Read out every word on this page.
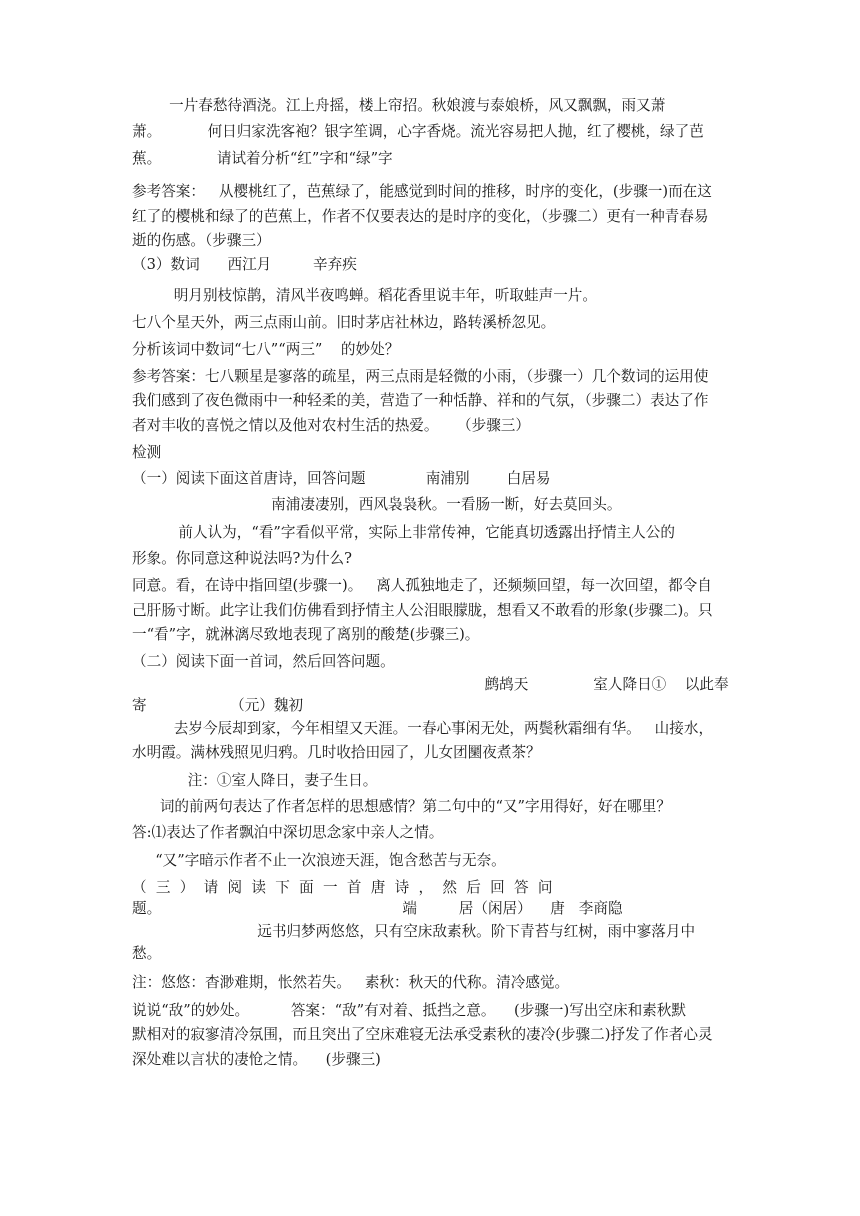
一片春愁待酒浇。江上舟摇，楼上帘招。秋娘渡与泰娘桥，风又飘飘，雨又萧
萧。          何日归家洗客袍？银字笙调，心字香烧。流光容易把人抛，红了樱桃，绿了芭
蕉。            请试着分析“红”字和“绿”字
参考答案：   从樱桃红了，芭蕉绿了，能感觉到时间的推移，时序的变化，(步骤一)而在这
红了的樱桃和绿了的芭蕉上，作者不仅要表达的是时序的变化，（步骤二）更有一种青春易
逝的伤感。（步骤三）
（3）数词      西江月         辛弃疾
明月别枝惊鹊，清风半夜鸣蝉。稻花香里说丰年，听取蛙声一片。
七八个星天外，两三点雨山前。旧时茅店社林边，路转溪桥忽见。
分析该词中数词“七八”“两三”    的妙处？
参考答案：七八颗星是寥落的疏星，两三点雨是轻微的小雨，（步骤一）几个数词的运用使
我们感到了夜色微雨中一种轻柔的美，营造了一种恬静、祥和的气氛，（步骤二）表达了作
者对丰收的喜悦之情以及他对农村生活的热爱。    （步骤三）
检测
（一）阅读下面这首唐诗，回答问题             南浦别        白居易
南浦凄凄别，西风袅袅秋。一看肠一断，好去莫回头。
前人认为，“看”字看似平常，实际上非常传神，它能真切透露出抒情主人公的
形象。你同意这种说法吗?为什么?
同意。看，在诗中指回望(步骤一)。   离人孤独地走了，还频频回望，每一次回望，都令自
己肝肠寸断。此字让我们仿佛看到抒情主人公泪眼朦胧，想看又不敢看的形象(步骤二)。只
一“看”字，就淋漓尽致地表现了离别的酸楚(步骤三)。
（二）阅读下面一首词，然后回答问题。
鹧鸪天              室人降日①    以此奉
寄                  （元）魏初
去岁今辰却到家，今年相望又天涯。一春心事闲无处，两鬓秋霜细有华。   山接水，
水明霞。满林残照见归鸦。几时收拾田园了，儿女团圞夜煮茶？
注：①室人降日，妻子生日。
词的前两句表达了作者怎样的思想感情？第二句中的“又”字用得好，好在哪里？
答:⑴表达了作者飘泊中深切思念家中亲人之情。
“又”字暗示作者不止一次浪迹天涯，饱含愁苦与无奈。
（  三  ）  请  阅  读  下  面  一  首  唐  诗  ，  然  后  回  答  问
题。                                                    端         居（闲居）    唐   李商隐
远书归梦两悠悠，只有空床敌素秋。阶下青苔与红树，雨中寥落月中
愁。
注：悠悠：杳渺难期，怅然若失。   素秋：秋天的代称。清冷感觉。
说说“敌”的妙处。         答案：“敌”有对着、抵挡之意。    (步骤一)写出空床和素秋默
默相对的寂寥清冷氛围，而且突出了空床难寝无法承受素秋的凄冷(步骤二)抒发了作者心灵
深处难以言状的凄怆之情。    (步骤三)
